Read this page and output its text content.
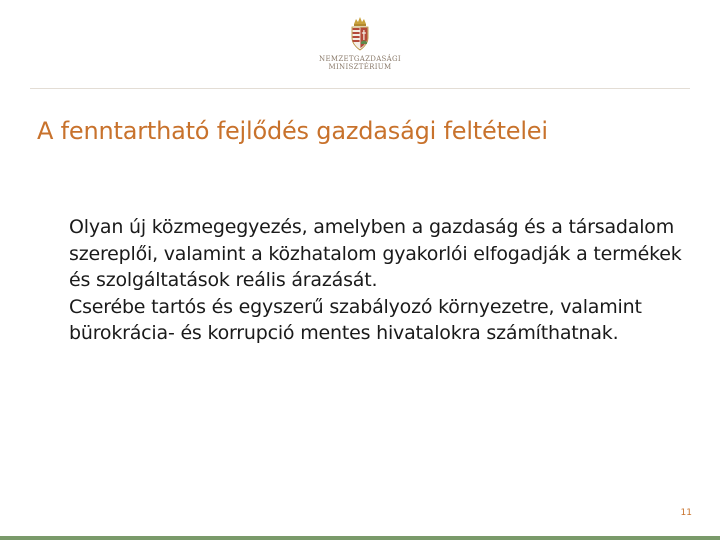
NEMZETGAZDASÁGI
MINISZTÉRIUM
A fenntartható fejlődés gazdasági feltételei

Olyan új közmegegyezés, amelyben a gazdaság és a társadalom szereplői, valamint a közhatalom gyakorlói elfogadják a termékek és szolgáltatások reális árazását.

Cserébe tartós és egyszerű szabályozó környezetre, valamint bürokrácia- és korrupció mentes hivatalokra számíthatnak.

11
